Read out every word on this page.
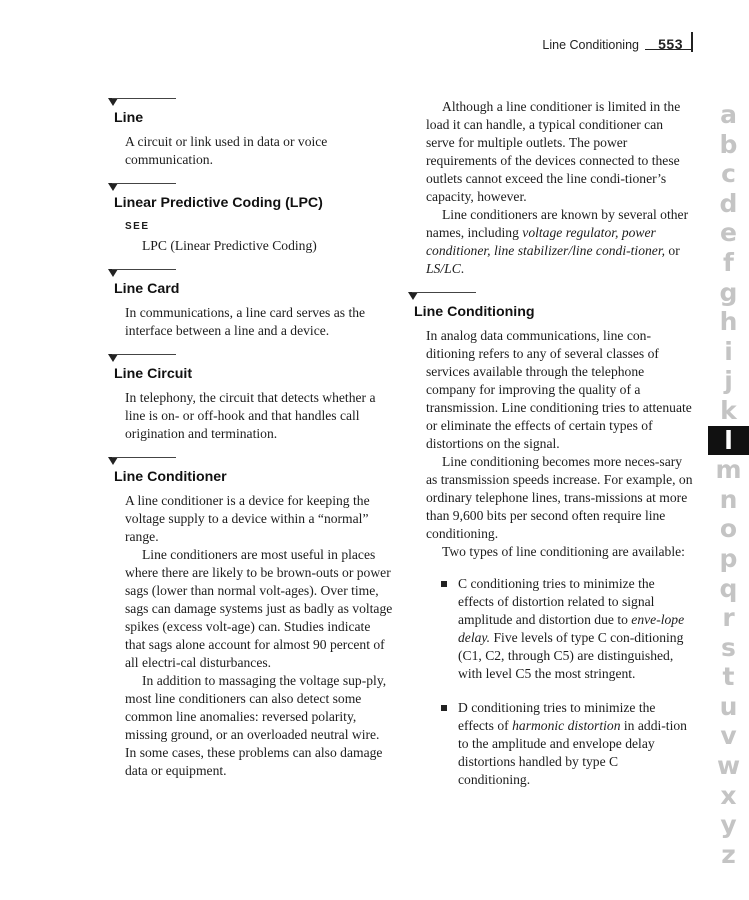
Line Conditioning 553
Line

A circuit or link used in data or voice communication.

Linear Predictive Coding (LPC)
SEE
LPC (Linear Predictive Coding)
Line Card

In communications, a line card serves as the interface between a line and a device.

Line Circuit

In telephony, the circuit that detects whether a line is on- or off-hook and that handles call origination and termination.

Line Conditioner

A line conditioner is a device for keeping the voltage supply to a device within a “normal” range.

Line conditioners are most useful in places where there are likely to be brown-outs or power sags (lower than normal volt-ages). Over time, sags can damage systems just as badly as voltage spikes (excess volt-age) can. Studies indicate that sags alone account for almost 90 percent of all electri-cal disturbances.

In addition to massaging the voltage sup-ply, most line conditioners can also detect some common line anomalies: reversed polarity, missing ground, or an overloaded neutral wire. In some cases, these problems can also damage data or equipment.

Although a line conditioner is limited in the load it can handle, a typical conditioner can serve for multiple outlets. The power requirements of the devices connected to these outlets cannot exceed the line condi-tioner’s capacity, however.

Line conditioners are known by several other names, including voltage regulator, power conditioner, line stabilizer/line condi-tioner, or LS/LC.

Line Conditioning

In analog data communications, line con-ditioning refers to any of several classes of services available through the telephone company for improving the quality of a transmission. Line conditioning tries to attenuate or eliminate the effects of certain types of distortions on the signal.

Line conditioning becomes more neces-sary as transmission speeds increase. For example, on ordinary telephone lines, trans-missions at more than 9,600 bits per second often require line conditioning.

Two types of line conditioning are available:

C conditioning tries to minimize the effects of distortion related to signal amplitude and distortion due to enve-lope delay. Five levels of type C con-ditioning (C1, C2, through C5) are distinguished, with level C5 the most stringent.
D conditioning tries to minimize the effects of harmonic distortion in addi-tion to the amplitude and envelope delay distortions handled by type C conditioning.
a
b
c
d
e
f
g
h
i
j
k
l
m
n
o
p
q
r
s
t
u
v
w
x
y
z
